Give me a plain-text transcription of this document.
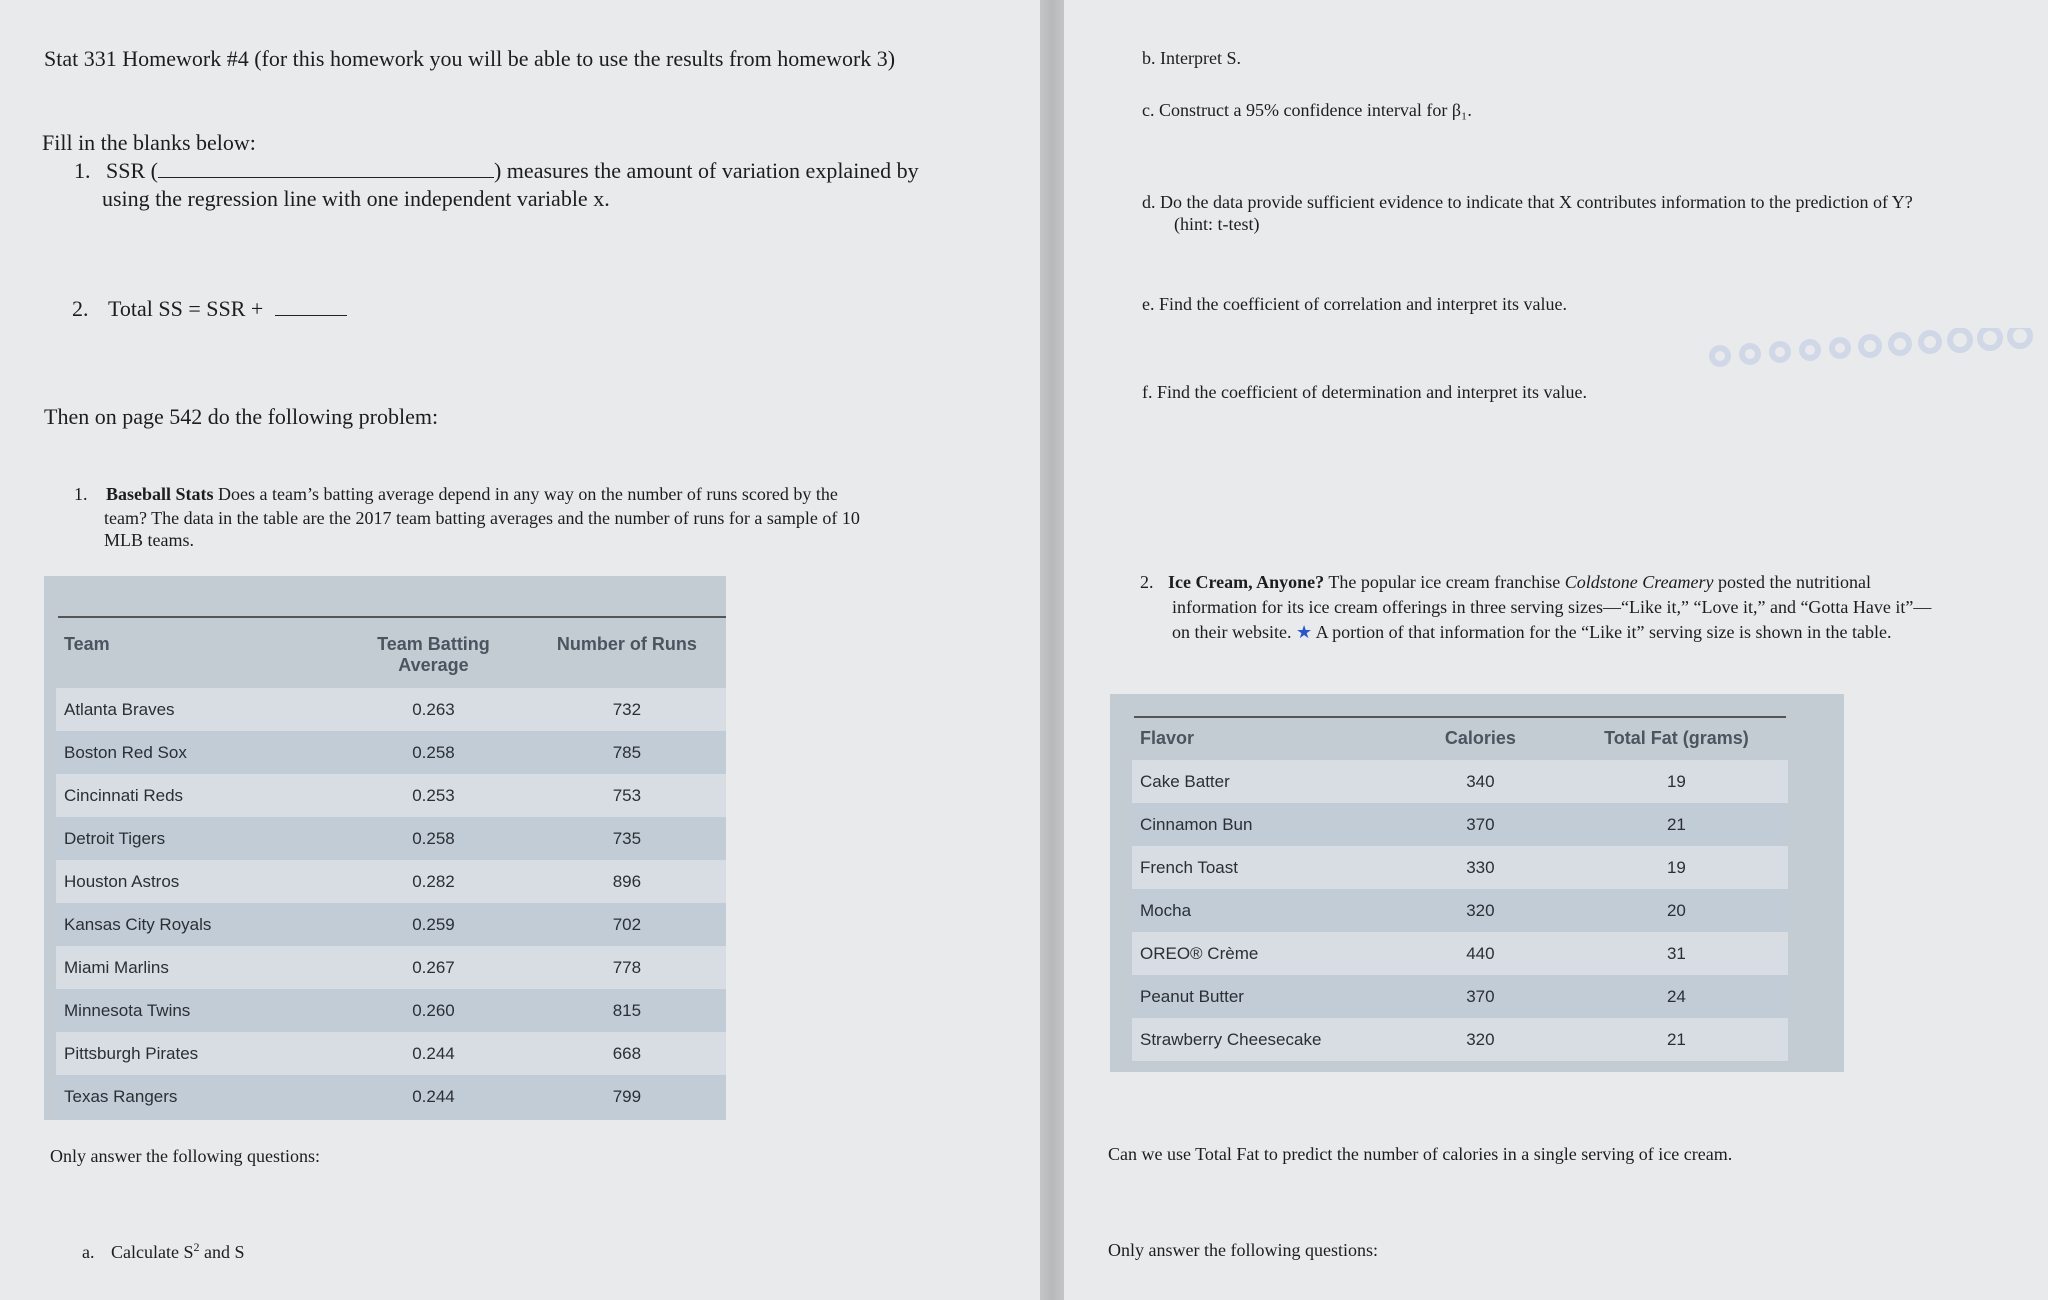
Stat 331 Homework #4 (for this homework you will be able to use the results from homework 3)
Fill in the blanks below:
1. SSR (	) measures the amount of variation explained by
using the regression line with one independent variable x.
2. Total SS = SSR +
Then on page 542 do the following problem:
1. Baseball Stats Does a team’s batting average depend in any way on the number of runs scored by the
team? The data in the table are the 2017 team batting averages and the number of runs for a sample of 10
MLB teams.
Team	Team Batting Average	Number of Runs
Atlanta Braves	0.263	732
Boston Red Sox	0.258	785
Cincinnati Reds	0.253	753
Detroit Tigers	0.258	735
Houston Astros	0.282	896
Kansas City Royals	0.259	702
Miami Marlins	0.267	778
Minnesota Twins	0.260	815
Pittsburgh Pirates	0.244	668
Texas Rangers	0.244	799
Only answer the following questions:
a. Calculate $S^2$ and S
b. Interpret S.
c. Construct a 95% confidence interval for β₁.
d. Do the data provide sufficient evidence to indicate that X contributes information to the prediction of Y?
(hint: t-test)
e. Find the coefficient of correlation and interpret its value.
f. Find the coefficient of determination and interpret its value.
2. Ice Cream, Anyone? The popular ice cream franchise Coldstone Creamery posted the nutritional
information for its ice cream offerings in three serving sizes—“Like it,” “Love it,” and “Gotta Have it”—
on their website. ★ A portion of that information for the “Like it” serving size is shown in the table.
Flavor	Calories	Total Fat (grams)
Cake Batter	340	19
Cinnamon Bun	370	21
French Toast	330	19
Mocha	320	20
OREO® Crème	440	31
Peanut Butter	370	24
Strawberry Cheesecake	320	21
Can we use Total Fat to predict the number of calories in a single serving of ice cream.
Only answer the following questions:
